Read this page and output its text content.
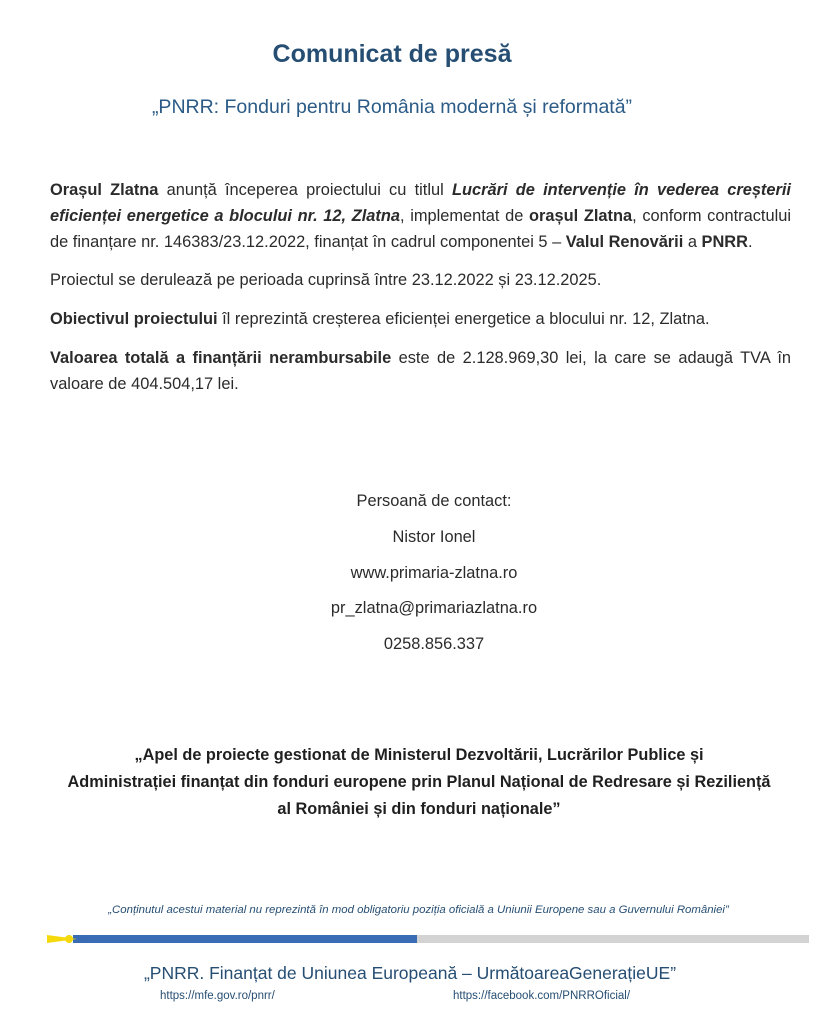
Comunicat de presă

„PNRR: Fonduri pentru România modernă și reformată”

Orașul Zlatna anunță începerea proiectului cu titlul Lucrări de intervenție în vederea creșterii eficienței energetice a blocului nr. 12, Zlatna, implementat de orașul Zlatna, conform contractului de finanțare nr. 146383/23.12.2022, finanțat în cadrul componentei 5 – Valul Renovării a PNRR.

Proiectul se derulează pe perioada cuprinsă între 23.12.2022 și 23.12.2025.

Obiectivul proiectului îl reprezintă creșterea eficienței energetice a blocului nr. 12, Zlatna.

Valoarea totală a finanțării nerambursabile este de 2.128.969,30 lei, la care se adaugă TVA în valoare de 404.504,17 lei.

Persoană de contact:
Nistor Ionel
www.primaria-zlatna.ro
pr_zlatna@primariazlatna.ro
0258.856.337

„Apel de proiecte gestionat de Ministerul Dezvoltării, Lucrărilor Publice și

Administrației finanțat din fonduri europene prin Planul Național de Redresare și Reziliență

al României și din fonduri naționale”

„Conținutul acestui material nu reprezintă în mod obligatoriu poziția oficială a Uniunii Europene sau a Guvernului României”
„PNRR. Finanțat de Uniunea Europeană – UrmătoareaGenerațieUE”
https://mfe.gov.ro/pnrr/	https://facebook.com/PNRROficial/
